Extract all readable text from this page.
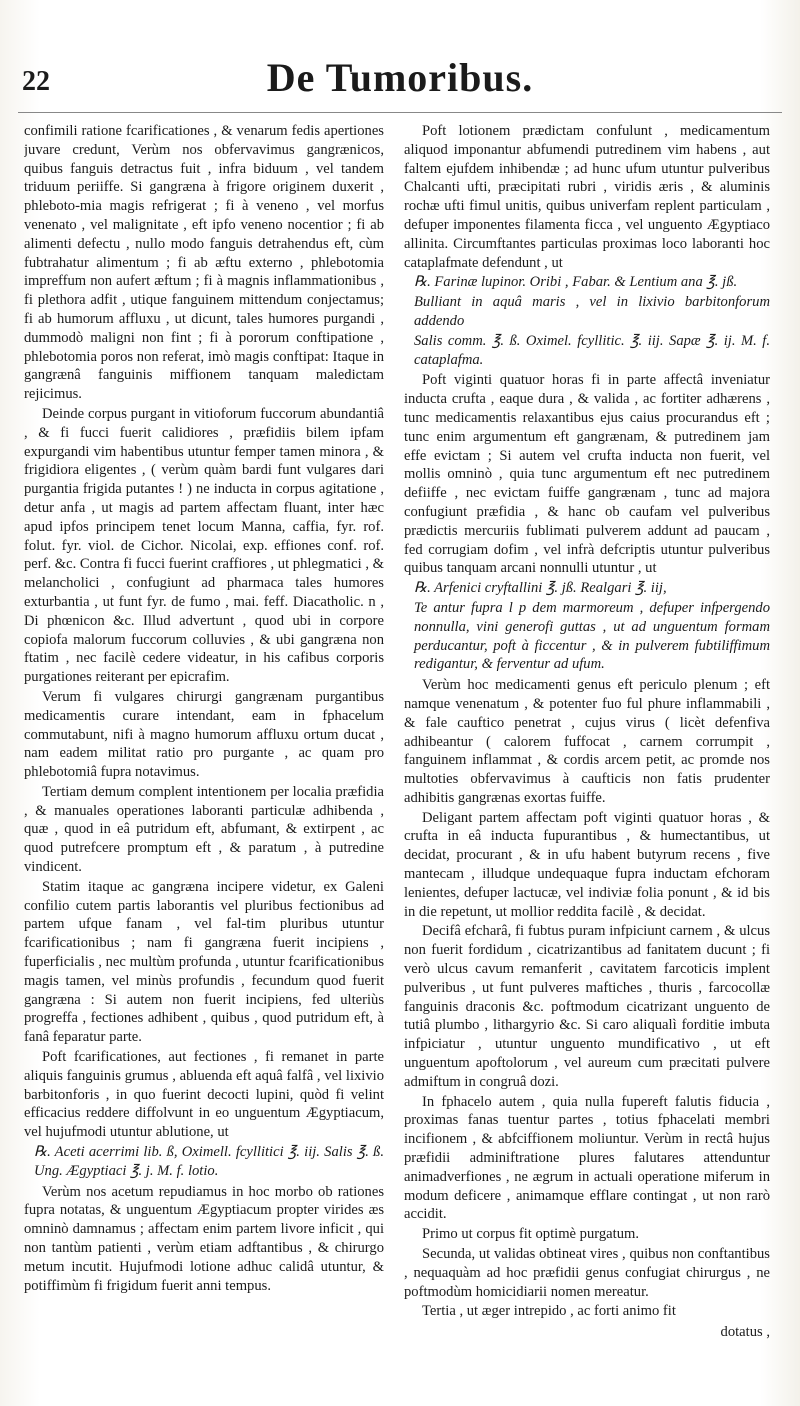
22	De Tumoribus.

confimili ratione fcarificationes , & venarum fedis apertiones juvare credunt, Verùm nos obfervavimus gangrænicos, quibus fanguis detractus fuit , infra biduum , vel tandem triduum periiffe. Si gangræna à frigore originem duxerit , phleboto-mia magis refrigerat ; fi à veneno , vel morfus venenato , vel malignitate , eft ipfo veneno nocentior ; fi ab alimenti defectu , nullo modo fanguis detrahendus eft, cùm fubtrahatur alimentum ; fi ab æftu externo , phlebotomia impreffum non aufert æftum ; fi à magnis inflammationibus , fi plethora adfit , utique fanguinem mittendum conjectamus; fi ab humorum affluxu , ut dicunt, tales humores purgandi , dummodò maligni non fint ; fi à pororum conftipatione , phlebotomia poros non referat, imò magis conftipat: Itaque in gangrænâ fanguinis miffionem tanquam maledictam rejicimus.

Deinde corpus purgant in vitioforum fuccorum abundantiâ , & fi fucci fuerit calidiores , præfidiis bilem ipfam expurgandi vim habentibus utuntur femper tamen minora , & frigidiora eligentes , ( verùm quàm bardi funt vulgares dari purgantia frigida putantes ! ) ne inducta in corpus agitatione , detur anfa , ut magis ad partem affectam fluant, inter hæc apud ipfos principem tenet locum Manna, caffia, fyr. rof. folut. fyr. viol. de Cichor. Nicolai, exp. effiones conf. rof. perf. &c. Contra fi fucci fuerint craffiores , ut phlegmatici , & melancholici , confugiunt ad pharmaca tales humores exturbantia , ut funt fyr. de fumo , mai. feff. Diacatholic. n , Di phœnicon &c. Illud advertunt , quod ubi in corpore copiofa malorum fuccorum colluvies , & ubi gangræna non ftatim , nec facilè cedere videatur, in his cafibus corporis purgationes reiterant per epicrafim.

Verum fi vulgares chirurgi gangrænam purgantibus medicamentis curare intendant, eam in fphacelum commutabunt, nifi à magno humorum affluxu ortum ducat , nam eadem militat ratio pro purgante , ac quam pro phlebotomiâ fupra notavimus.

Tertiam demum complent intentionem per localia præfidia , & manuales operationes laboranti particulæ adhibenda , quæ , quod in eâ putridum eft, abfumant, & extirpent , ac quod putrefcere promptum eft , & paratum , à putredine vindicent.

Statim itaque ac gangræna incipere videtur, ex Galeni confilio cutem partis laborantis vel pluribus fectionibus ad partem ufque fanam , vel fal-tim pluribus utuntur fcarificationibus ; nam fi gangræna fuerit incipiens , fuperficialis , nec multùm profunda , utuntur fcarificationibus magis tamen, vel minùs profundis , fecundum quod fuerit gangræna : Si autem non fuerit incipiens, fed ulteriùs progreffa , fectiones adhibent , quibus , quod putridum eft, à fanâ feparatur parte.

Poft fcarificationes, aut fectiones , fi remanet in parte aliquis fanguinis grumus , abluenda eft aquâ falfâ , vel lixivio barbitonforis , in quo fuerint decocti lupini, quòd fi velint efficacius reddere diffolvunt in eo unguentum Ægyptiacum, vel hujufmodi utuntur ablutione, ut

℞. Aceti acerrimi lib. ß, Oximell. fcyllitici ℥. iij. Salis ℥. ß. Ung. Ægyptiaci ℥. j. M. f. lotio.

Verùm nos acetum repudiamus in hoc morbo ob rationes fupra notatas, & unguentum Ægyptiacum propter virides æs omninò damnamus ; affectam enim partem livore inficit , qui non tantùm patienti , verùm etiam adftantibus , & chirurgo metum incutit. Hujufmodi lotione adhuc calidâ utuntur, & potiffimùm fi frigidum fuerit anni tempus.

Poft lotionem prædictam confulunt , medicamentum aliquod imponantur abfumendi putredinem vim habens , aut faltem ejufdem inhibendæ ; ad hunc ufum utuntur pulveribus Chalcanti ufti, præcipitati rubri , viridis æris , & aluminis rochæ ufti fimul unitis, quibus univerfam replent particulam , defuper imponentes filamenta ficca , vel unguento Ægyptiaco allinita. Circumftantes particulas proximas loco laboranti hoc cataplafmate defendunt , ut

℞. Farinæ lupinor. Oribi , Fabar. & Lentium ana ℥. jß.

Bulliant in aquâ maris , vel in lixivio barbitonforum addendo

Salis comm. ℥. ß. Oximel. fcyllitic. ℥. iij. Sapæ ℥. ij. M. f. cataplafma.

Poft viginti quatuor horas fi in parte affectâ inveniatur inducta crufta , eaque dura , & valida , ac fortiter adhærens , tunc medicamentis relaxantibus ejus caius procurandus eft ; tunc enim argumentum eft gangrænam, & putredinem jam effe evictam ; Si autem vel crufta inducta non fuerit, vel mollis omninò , quia tunc argumentum eft nec putredinem defiiffe , nec evictam fuiffe gangrænam , tunc ad majora confugiunt præfidia , & hanc ob caufam vel pulveribus prædictis mercuriis fublimati pulverem addunt ad paucam , fed corrugiam dofim , vel infrà defcriptis utuntur pulveribus quibus tanquam arcani nonnulli utuntur , ut

℞. Arfenici cryftallini ℥. jß. Realgari ℥. iij,

Te antur fupra l p dem marmoreum , defuper infpergendo nonnulla, vini generofi guttas , ut ad unguentum formam perducantur, poft à ficcentur , & in pulverem fubtiliffimum redigantur, & ferventur ad ufum.

Verùm hoc medicamenti genus eft periculo plenum ; eft namque venenatum , & potenter fuo ful phure inflammabili , & fale cauftico penetrat , cujus virus ( licèt defenfiva adhibeantur ( calorem fuffocat , carnem corrumpit , fanguinem inflammat , & cordis arcem petit, ac promde nos multoties obfervavimus à caufticis non fatis prudenter adhibitis gangrænas exortas fuiffe.

Deligant partem affectam poft viginti quatuor horas , & crufta in eâ inducta fupurantibus , & humectantibus, ut decidat, procurant , & in ufu habent butyrum recens , five mantecam , illudque undequaque fupra inductam efchoram lenientes, defuper lactucæ, vel indiviæ folia ponunt , & id bis in die repetunt, ut mollior reddita facilè , & decidat.

Decifâ efcharâ, fi fubtus puram infpiciunt carnem , & ulcus non fuerit fordidum , cicatrizantibus ad fanitatem ducunt ; fi verò ulcus cavum remanferit , cavitatem farcoticis implent pulveribus , ut funt pulveres maftiches , thuris , farcocollæ fanguinis draconis &c. poftmodum cicatrizant unguento de tutiâ plumbo , lithargyrio &c. Si caro aliqualì forditie imbuta infpiciatur , utuntur unguento mundificativo , ut eft unguentum apoftolorum , vel aureum cum præcitati pulvere admiftum in congruâ dozi.

In fphacelo autem , quia nulla fupereft falutis fiducia , proximas fanas tuentur partes , totius fphacelati membri incifionem , & abfciffionem moliuntur. Verùm in rectâ hujus præfidii adminiftratione plures falutares attenduntur animadverfiones , ne ægrum in actuali operatione miferum in modum deficere , animamque efflare contingat , ut non rarò accidit.

Primo ut corpus fit optimè purgatum.

Secunda, ut validas obtineat vires , quibus non conftantibus , nequaquàm ad hoc præfidii genus confugiat chirurgus , ne poftmodùm homicidiarii nomen mereatur.

Tertia , ut æger intrepido , ac forti animo fit

dotatus ,
